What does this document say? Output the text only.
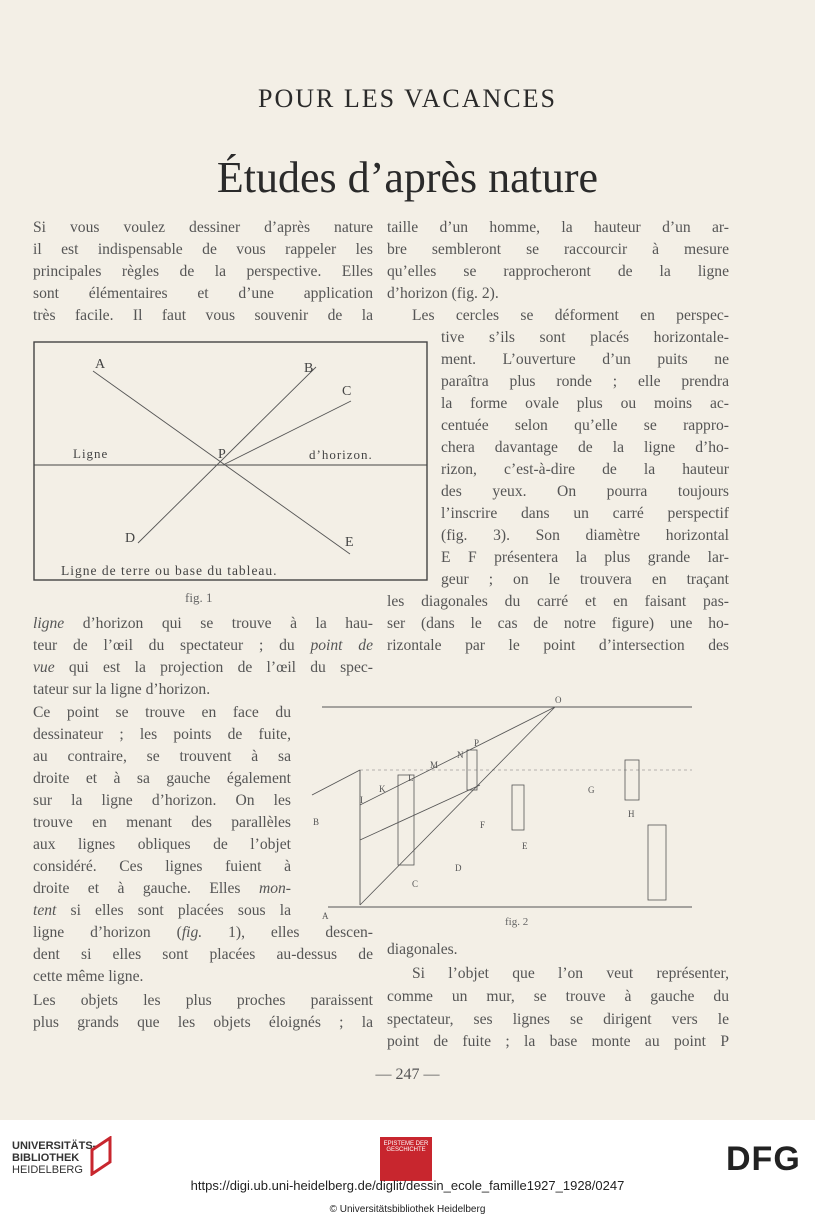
POUR LES VACANCES
Études d’après nature
Si vous voulez dessiner d’après nature
il est indispensable de vous rappeler les
principales règles de la perspective. Elles
sont élémentaires et d’une application
très facile. Il faut vous souvenir de la
taille d’un homme, la hauteur d’un ar-
bre sembleront se raccourcir à mesure
qu’elles se rapprocheront de la ligne
d’horizon (fig. 2).
Les cercles se déforment en perspec-
tive s’ils sont placés horizontale-
ment. L’ouverture d’un puits ne
paraîtra plus ronde ; elle prendra
la forme ovale plus ou moins ac-
centuée selon qu’elle se rappro-
chera davantage de la ligne d’ho-
rizon, c’est-à-dire de la hauteur
des yeux. On pourra toujours
l’inscrire dans un carré perspectif
(fig. 3). Son diamètre horizontal
E F présentera la plus grande lar-
geur ; on le trouvera en traçant
les diagonales du carré et en faisant pas-
ser (dans le cas de notre figure) une ho-
rizontale par le point d’intersection des
A	B
C
P
D	E
Ligne	d’horizon.
Ligne de terre ou base du tableau.
fig. 1
ligne d’horizon qui se trouve à la hau-
teur de l’œil du spectateur ; du point de
vue qui est la projection de l’œil du spec-
tateur sur la ligne d’horizon.
Ce point se trouve en face du
dessinateur ; les points de fuite,
au contraire, se trouvent à sa
droite et à sa gauche également
sur la ligne d’horizon. On les
trouve en menant des parallèles
aux lignes obliques de l’objet
considéré. Ces lignes fuient à
droite et à gauche. Elles mon-
tent si elles sont placées sous la
O
P
N
M
L
K
I
H
G
F
E
D
C
B
A	fig. 2
ligne d’horizon (fig. 1), elles descen-
dent si elles sont placées au-dessus de
cette même ligne.
Les objets les plus proches paraissent
plus grands que les objets éloignés ; la
diagonales.
Si l’objet que l’on veut représenter,
comme un mur, se trouve à gauche du
spectateur, ses lignes se dirigent vers le
point de fuite ; la base monte au point P
— 247 —
UNIVERSITÄTS-
BIBLIOTHEK
HEIDELBERG
EPISTEME DER GESCHICHTE	DFG
https://digi.ub.uni-heidelberg.de/diglit/dessin_ecole_famille1927_1928/0247
© Universitätsbibliothek Heidelberg
